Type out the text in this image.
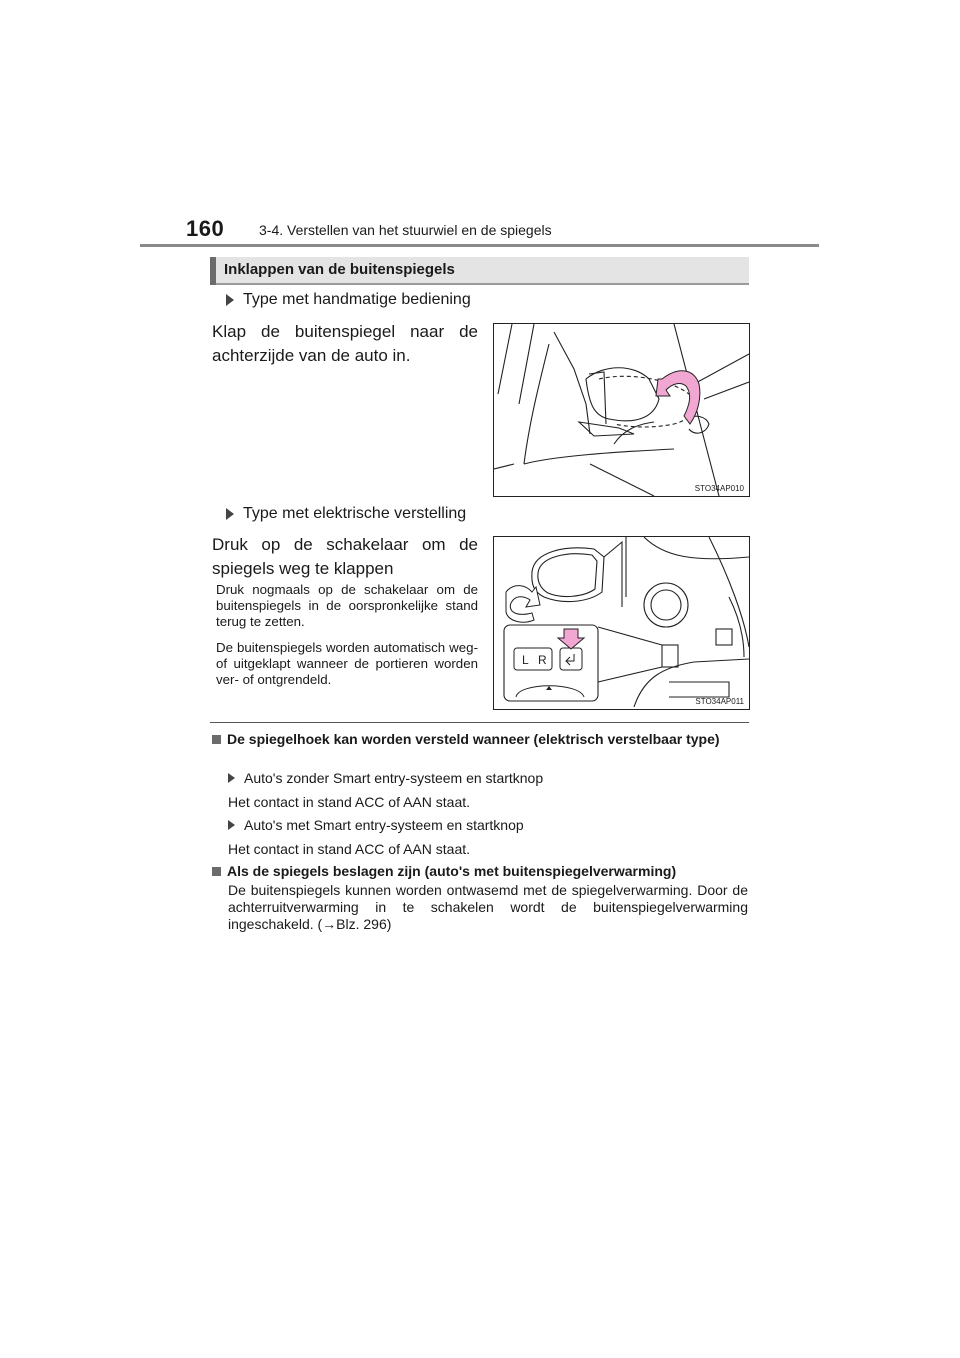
160 3-4. Verstellen van het stuurwiel en de spiegels
Inklappen van de buitenspiegels
Type met handmatige bediening
Klap de buitenspiegel naar de achterzijde van de auto in.
STO34AP010
Type met elektrische verstelling
Druk op de schakelaar om de spiegels weg te klappen
Druk nogmaals op de schakelaar om de buitenspiegels in de oorspronkelijke stand terug te zetten.
De buitenspiegels worden automatisch weg- of uitgeklapt wanneer de portieren worden ver- of ontgrendeld.
L R
STO34AP011
De spiegelhoek kan worden versteld wanneer (elektrisch verstelbaar type)
Auto's zonder Smart entry-systeem en startknop
Het contact in stand ACC of AAN staat.
Auto's met Smart entry-systeem en startknop
Het contact in stand ACC of AAN staat.
Als de spiegels beslagen zijn (auto's met buitenspiegelverwarming)
De buitenspiegels kunnen worden ontwasemd met de spiegelverwarming. Door de achterruitverwarming in te schakelen wordt de buitenspiegelverwarming ingeschakeld. (→Blz. 296)
